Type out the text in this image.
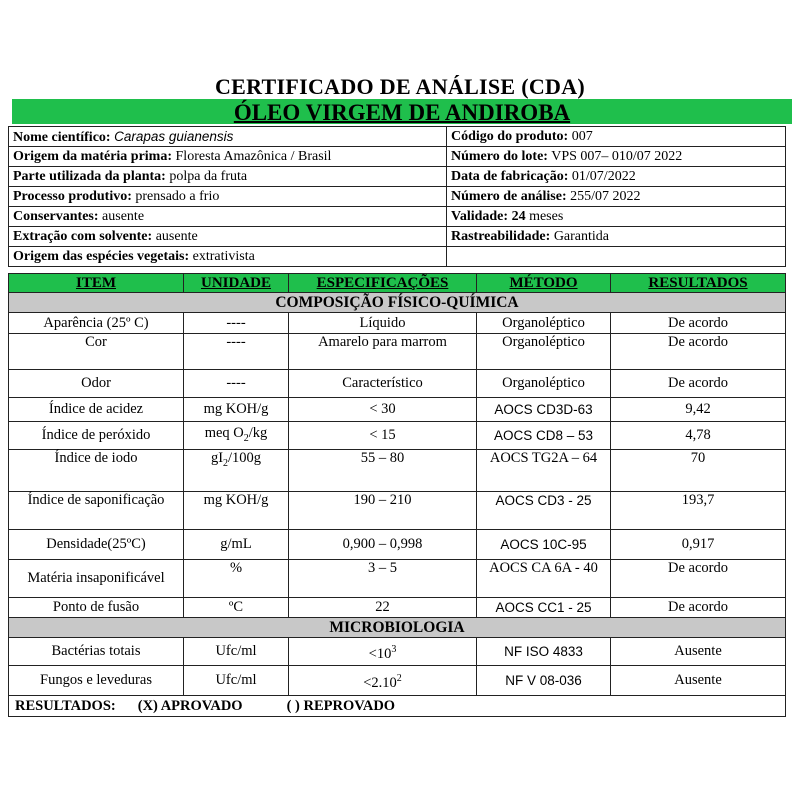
CERTIFICADO DE ANÁLISE (CDA)
ÓLEO VIRGEM DE ANDIROBA
Nome científico: Carapas guianensis	Código do produto: 007
Origem da matéria prima: Floresta Amazônica / Brasil	Número do lote: VPS 007– 010/07 2022
Parte utilizada da planta: polpa da fruta	Data de fabricação: 01/07/2022
Processo produtivo: prensado a frio	Número de análise: 255/07 2022
Conservantes: ausente	Validade: 24 meses
Extração com solvente: ausente	Rastreabilidade: Garantida
Origem das espécies vegetais: extrativista	
ITEM	UNIDADE	ESPECIFICAÇÕES	MÉTODO	RESULTADOS
COMPOSIÇÃO FÍSICO-QUÍMICA				
Aparência (25º C)	----	Líquido	Organoléptico	De acordo
Cor	----	Amarelo para marrom	Organoléptico	De acordo
Odor	----	Característico	Organoléptico	De acordo
Índice de acidez	mg KOH/g	< 30	AOCS CD3D-63	9,42
Índice de peróxido	meq $O_2/kg$	< 15	AOCS CD8 – 53	4,78
Índice de iodo	$gI_2/100g$	55 – 80	AOCS TG2A – 64	70
Índice de saponificação	mg KOH/g	190 – 210	AOCS CD3 - 25	193,7
Densidade(25ºC)	g/mL	0,900 – 0,998	AOCS 10C-95	0,917
Matéria insaponificável	%	3 – 5	AOCS CA 6A - 40	De acordo
Ponto de fusão	ºC	22	AOCS CC1 - 25	De acordo
MICROBIOLOGIA				
Bactérias totais	Ufc/ml	$<10^3$	NF ISO 4833	Ausente
Fungos e leveduras	Ufc/ml	$<2.10^2$	NF V 08-036	Ausente
RESULTADOS: (X) APROVADO ( ) REPROVADO				
